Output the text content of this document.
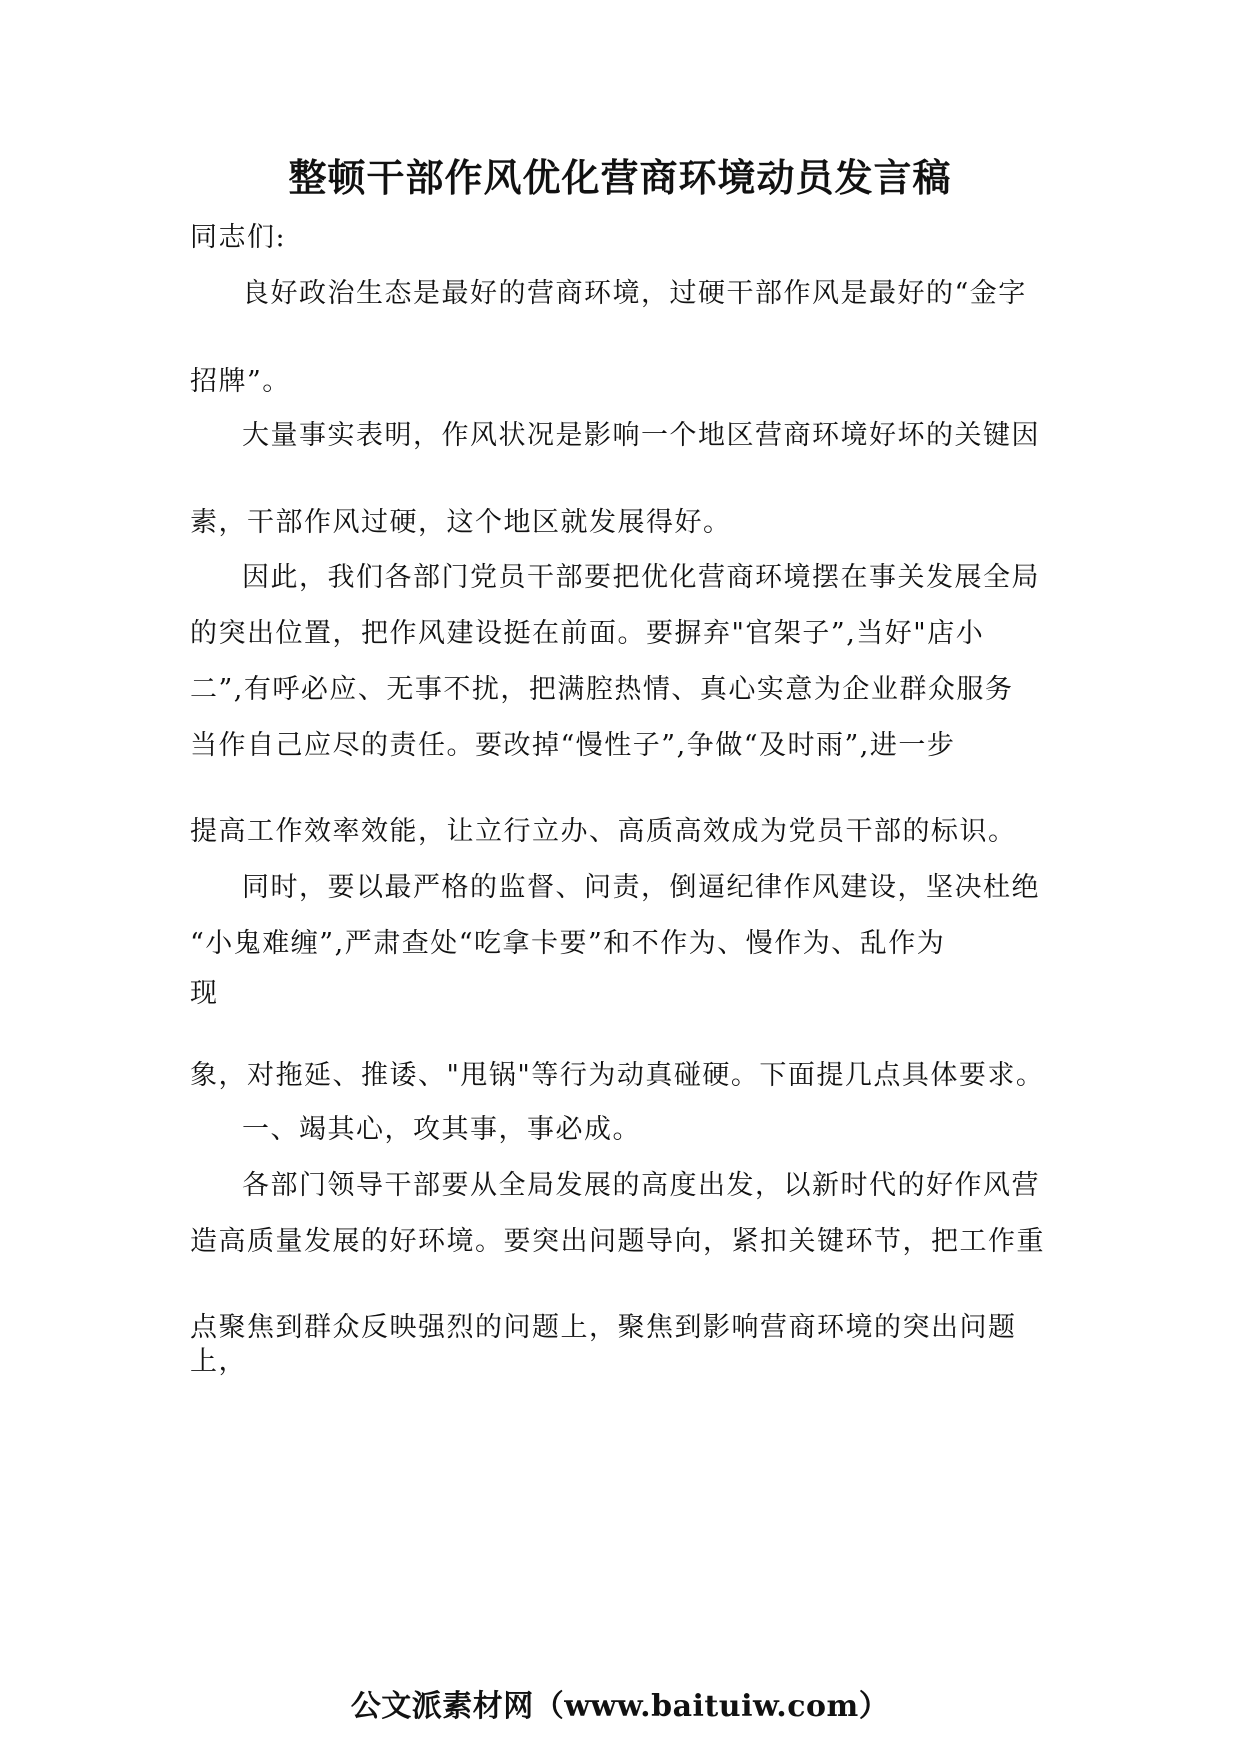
整顿干部作风优化营商环境动员发言稿

同志们:

良好政治生态是最好的营商环境，过硬干部作风是最好的“金字

招牌”。

大量事实表明，作风状况是影响一个地区营商环境好坏的关键因

素，干部作风过硬，这个地区就发展得好。

因此，我们各部门党员干部要把优化营商环境摆在事关发展全局

的突出位置，把作风建设挺在前面。要摒弃"官架子”,当好"店小

二”,有呼必应、无事不扰，把满腔热情、真心实意为企业群众服务

当作自己应尽的责任。要改掉“慢性子”,争做“及时雨”,进一步

提高工作效率效能，让立行立办、高质高效成为党员干部的标识。

同时，要以最严格的监督、问责，倒逼纪律作风建设，坚决杜绝

“小鬼难缠”,严肃查处“吃拿卡要”和不作为、慢作为、乱作为

现

象，对拖延、推诿、"甩锅"等行为动真碰硬。下面提几点具体要求。

一、竭其心，攻其事，事必成。

各部门领导干部要从全局发展的高度出发，以新时代的好作风营

造高质量发展的好环境。要突出问题导向，紧扣关键环节，把工作重

点聚焦到群众反映强烈的问题上，聚焦到影响营商环境的突出问题

上，

公文派素材网（www.baituiw.com）
